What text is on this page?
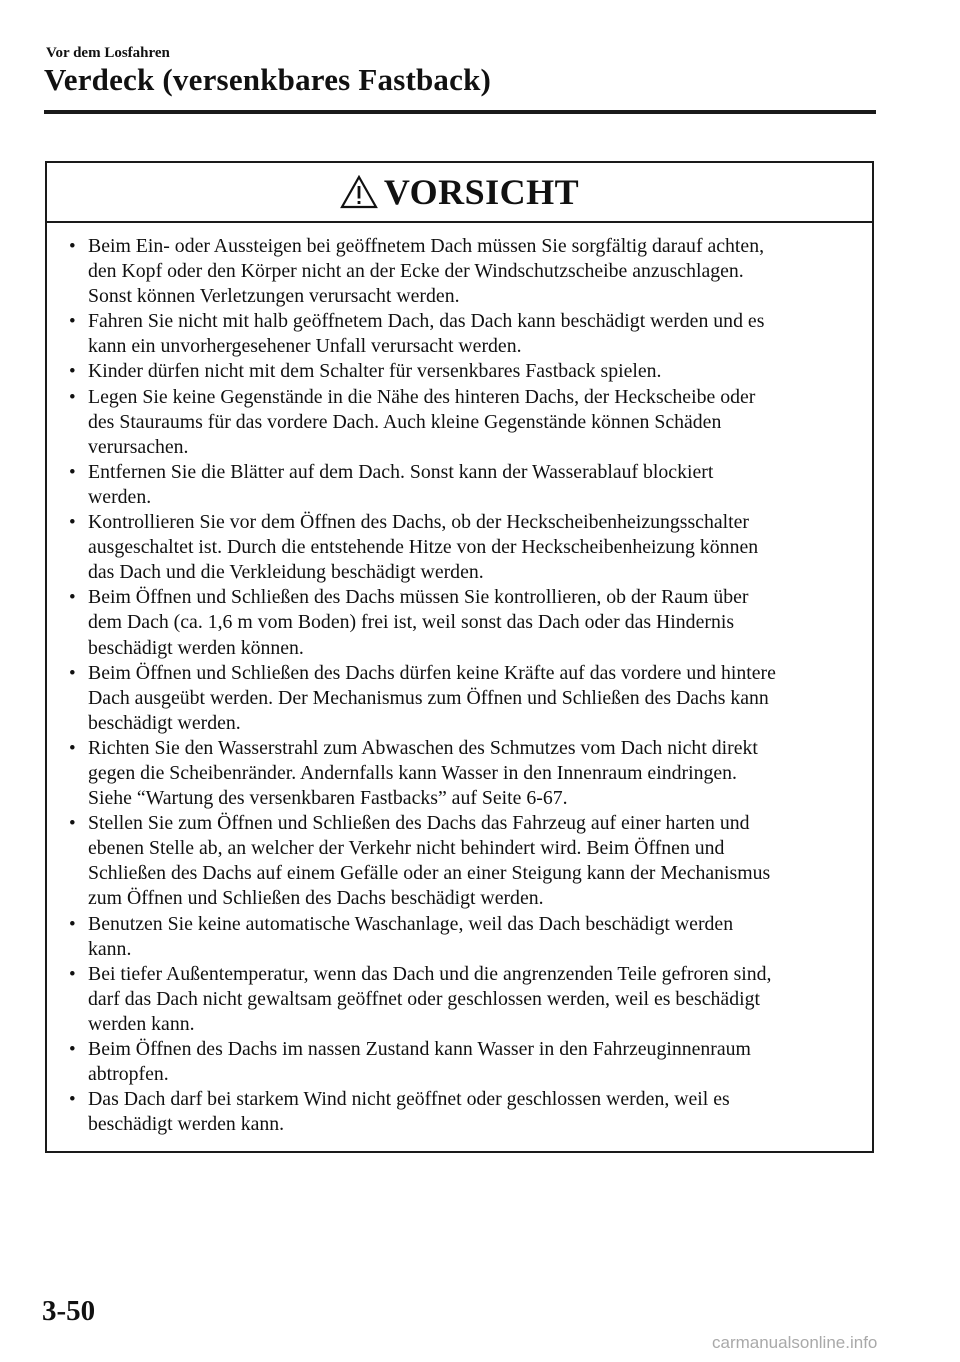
Vor dem Losfahren
Verdeck (versenkbares Fastback)
VORSICHT
• Beim Ein- oder Aussteigen bei geöffnetem Dach müssen Sie sorgfältig darauf achten,
den Kopf oder den Körper nicht an der Ecke der Windschutzscheibe anzuschlagen.
Sonst können Verletzungen verursacht werden.
• Fahren Sie nicht mit halb geöffnetem Dach, das Dach kann beschädigt werden und es
kann ein unvorhergesehener Unfall verursacht werden.
• Kinder dürfen nicht mit dem Schalter für versenkbares Fastback spielen.
• Legen Sie keine Gegenstände in die Nähe des hinteren Dachs, der Heckscheibe oder
des Stauraums für das vordere Dach. Auch kleine Gegenstände können Schäden
verursachen.
• Entfernen Sie die Blätter auf dem Dach. Sonst kann der Wasserablauf blockiert
werden.
• Kontrollieren Sie vor dem Öffnen des Dachs, ob der Heckscheibenheizungsschalter
ausgeschaltet ist. Durch die entstehende Hitze von der Heckscheibenheizung können
das Dach und die Verkleidung beschädigt werden.
• Beim Öffnen und Schließen des Dachs müssen Sie kontrollieren, ob der Raum über
dem Dach (ca. 1,6 m vom Boden) frei ist, weil sonst das Dach oder das Hindernis
beschädigt werden können.
• Beim Öffnen und Schließen des Dachs dürfen keine Kräfte auf das vordere und hintere
Dach ausgeübt werden. Der Mechanismus zum Öffnen und Schließen des Dachs kann
beschädigt werden.
• Richten Sie den Wasserstrahl zum Abwaschen des Schmutzes vom Dach nicht direkt
gegen die Scheibenränder. Andernfalls kann Wasser in den Innenraum eindringen.
Siehe “Wartung des versenkbaren Fastbacks” auf Seite 6-67.
• Stellen Sie zum Öffnen und Schließen des Dachs das Fahrzeug auf einer harten und
ebenen Stelle ab, an welcher der Verkehr nicht behindert wird. Beim Öffnen und
Schließen des Dachs auf einem Gefälle oder an einer Steigung kann der Mechanismus
zum Öffnen und Schließen des Dachs beschädigt werden.
• Benutzen Sie keine automatische Waschanlage, weil das Dach beschädigt werden
kann.
• Bei tiefer Außentemperatur, wenn das Dach und die angrenzenden Teile gefroren sind,
darf das Dach nicht gewaltsam geöffnet oder geschlossen werden, weil es beschädigt
werden kann.
• Beim Öffnen des Dachs im nassen Zustand kann Wasser in den Fahrzeuginnenraum
abtropfen.
• Das Dach darf bei starkem Wind nicht geöffnet oder geschlossen werden, weil es
beschädigt werden kann.
3-50
carmanualsonline.info
